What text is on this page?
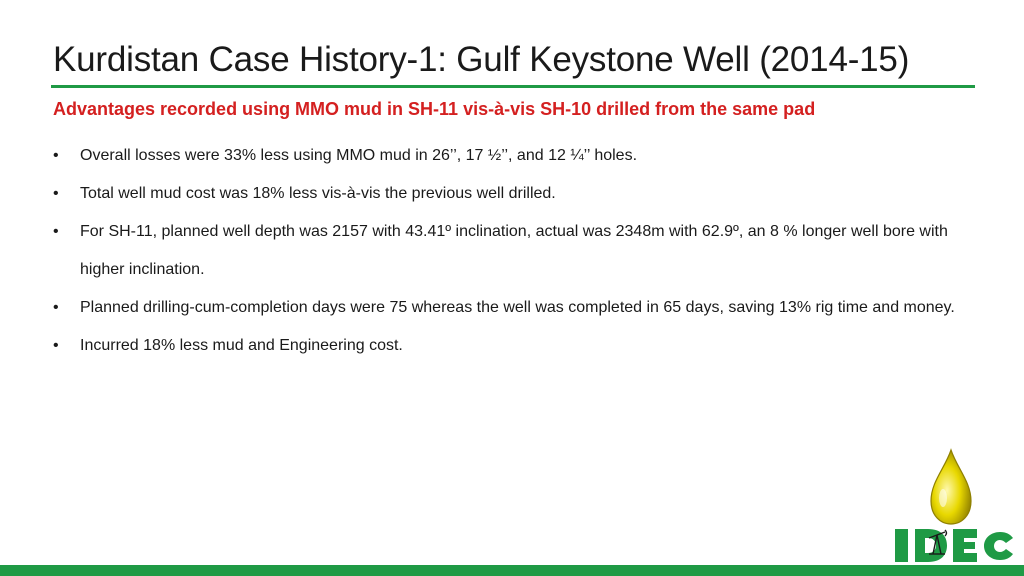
Kurdistan Case History-1: Gulf Keystone Well (2014-15)
Advantages recorded using MMO mud in SH-11 vis-à-vis SH-10 drilled from the same pad
•	Overall losses were 33% less using MMO mud in 26’’, 17 ½’’, and 12 ¼’’ holes.
•	Total well mud cost was 18% less vis-à-vis the previous well drilled.
•	For SH-11, planned well depth was 2157 with 43.41º inclination, actual was 2348m with 62.9º, an 8 % longer well bore with higher inclination.
•	Planned drilling-cum-completion days were 75 whereas the well was completed in 65 days, saving 13% rig time and money.
•	Incurred 18% less mud and Engineering cost.
